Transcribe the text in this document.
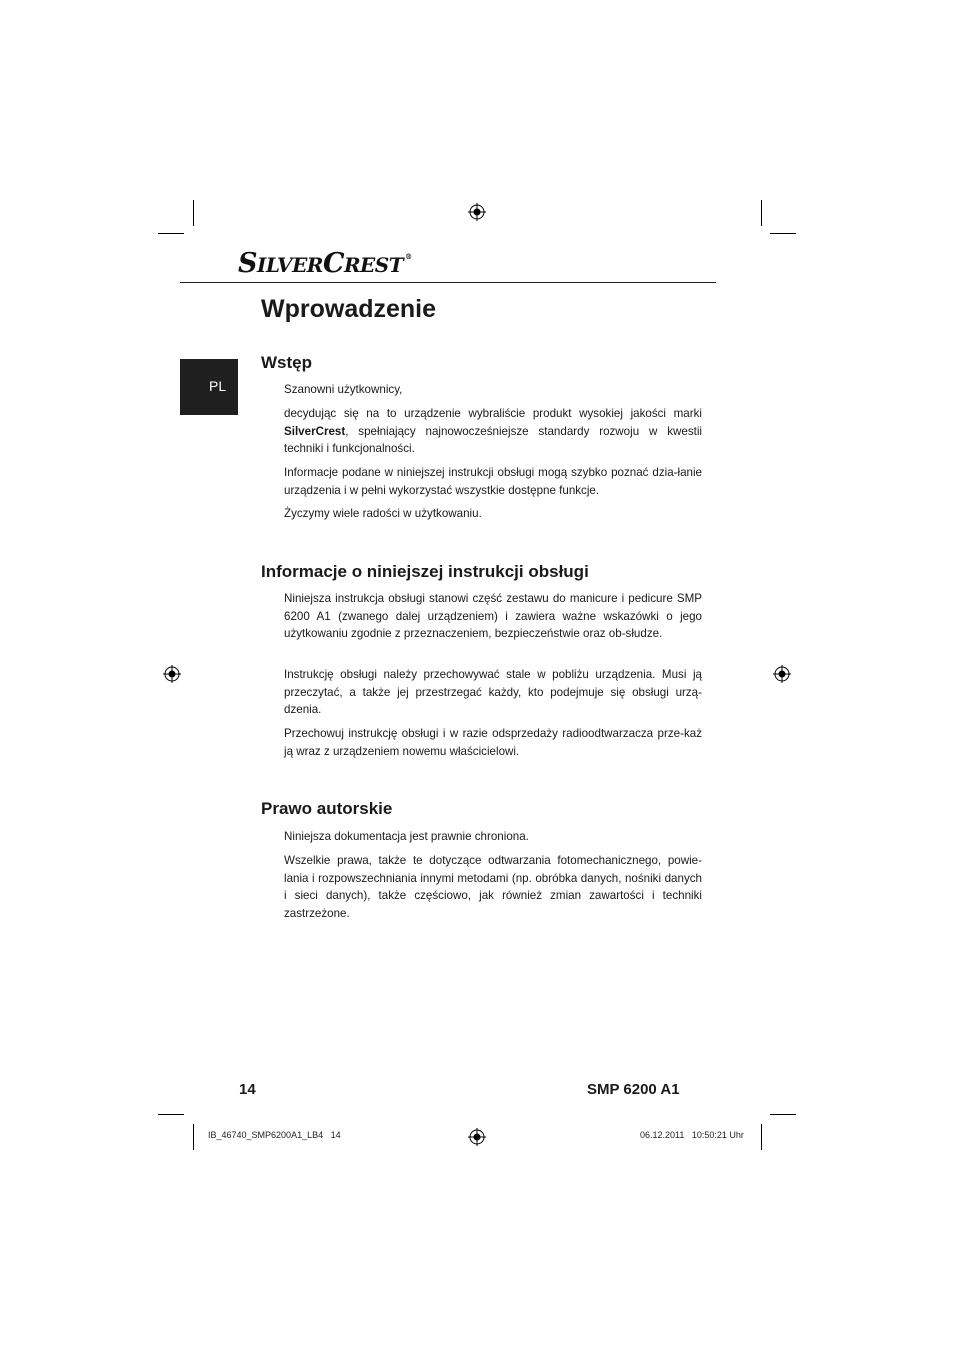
SILVERCREST ®
PL
Wprowadzenie
Wstęp
Szanowni użytkownicy,
decydując się na to urządzenie wybraliście produkt wysokiej jakości marki SilverCrest, spełniający najnowocześniejsze standardy rozwoju w kwestii techniki i funkcjonalności.
Informacje podane w niniejszej instrukcji obsługi mogą szybko poznać dzia-łanie urządzenia i w pełni wykorzystać wszystkie dostępne funkcje.
Życzymy wiele radości w użytkowaniu.
Informacje o niniejszej instrukcji obsługi
Niniejsza instrukcja obsługi stanowi część zestawu do manicure i pedicure SMP 6200 A1 (zwanego dalej urządzeniem) i zawiera ważne wskazówki o jego użytkowaniu zgodnie z przeznaczeniem, bezpieczeństwie oraz ob-słudze.
Instrukcję obsługi należy przechowywać stale w pobliżu urządzenia. Musi ją przeczytać, a także jej przestrzegać każdy, kto podejmuje się obsługi urzą-dzenia.
Przechowuj instrukcję obsługi i w razie odsprzedaży radioodtwarzacza prze-każ ją wraz z urządzeniem nowemu właścicielowi.
Prawo autorskie
Niniejsza dokumentacja jest prawnie chroniona.
Wszelkie prawa, także te dotyczące odtwarzania fotomechanicznego, powie-lania i rozpowszechniania innymi metodami (np. obróbka danych, nośniki danych i sieci danych), także częściowo, jak również zmian zawartości i techniki zastrzeżone.
14	SMP 6200 A1
IB_46740_SMP6200A1_LB4   14	06.12.2011   10:50:21 Uhr
